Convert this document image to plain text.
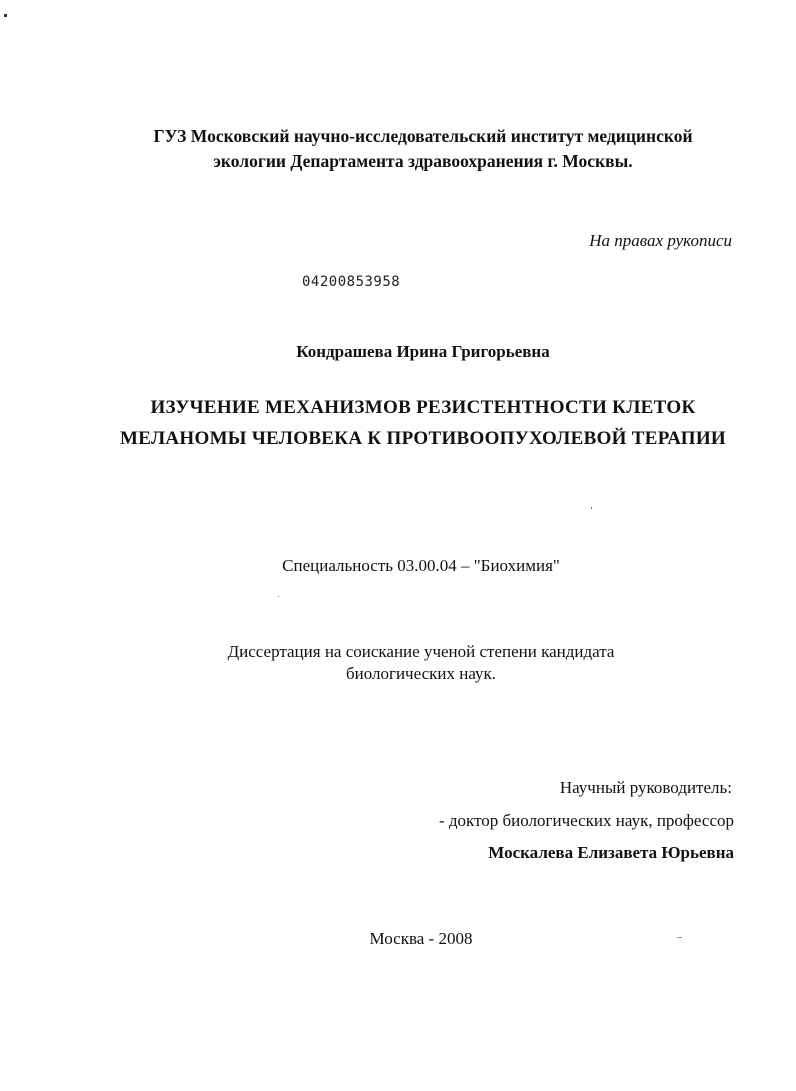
ГУЗ Московский научно-исследовательский институт медицинской
экологии Департамента здравоохранения г. Москвы.
На правах рукописи
04200853958
Кондрашева Ирина Григорьевна
ИЗУЧЕНИЕ МЕХАНИЗМОВ РЕЗИСТЕНТНОСТИ КЛЕТОК
МЕЛАНОМЫ ЧЕЛОВЕКА К ПРОТИВООПУХОЛЕВОЙ ТЕРАПИИ
Специальность 03.00.04 – "Биохимия"
Диссертация на соискание ученой степени кандидата
биологических наук.
Научный руководитель:
- доктор биологических наук, профессор
Москалева Елизавета Юрьевна
Москва - 2008
